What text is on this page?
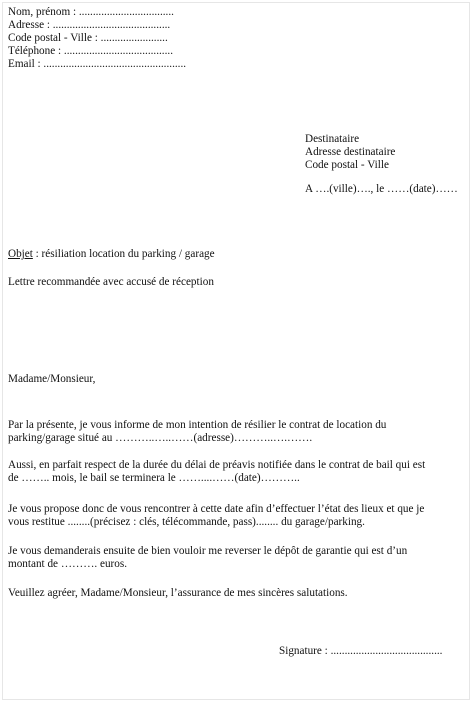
Nom, prénom : ..................................
Adresse : ..........................................
Code postal - Ville : ........................
Téléphone : .......................................
Email : ...................................................
Destinataire
Adresse destinataire
Code postal - Ville
A ….(ville)…., le ……(date)……

Objet : résiliation location du parking / garage

Lettre recommandée avec accusé de réception

Madame/Monsieur,

Par la présente, je vous informe de mon intention de résilier le contrat de location du
parking/garage situé au ………..…..……(adresse)………..….…….
Aussi, en parfait respect de la durée du délai de préavis notifiée dans le contrat de bail qui est
de …….. mois, le bail se terminera le ……....……(date)………..
Je vous propose donc de vous rencontrer à cette date afin d’effectuer l’état des lieux et que je
vous restitue ........(précisez : clés, télécommande, pass)........ du garage/parking.
Je vous demanderais ensuite de bien vouloir me reverser le dépôt de garantie qui est d’un
montant de ………. euros.
Veuillez agréer, Madame/Monsieur, l’assurance de mes sincères salutations.

Signature : ........................................
